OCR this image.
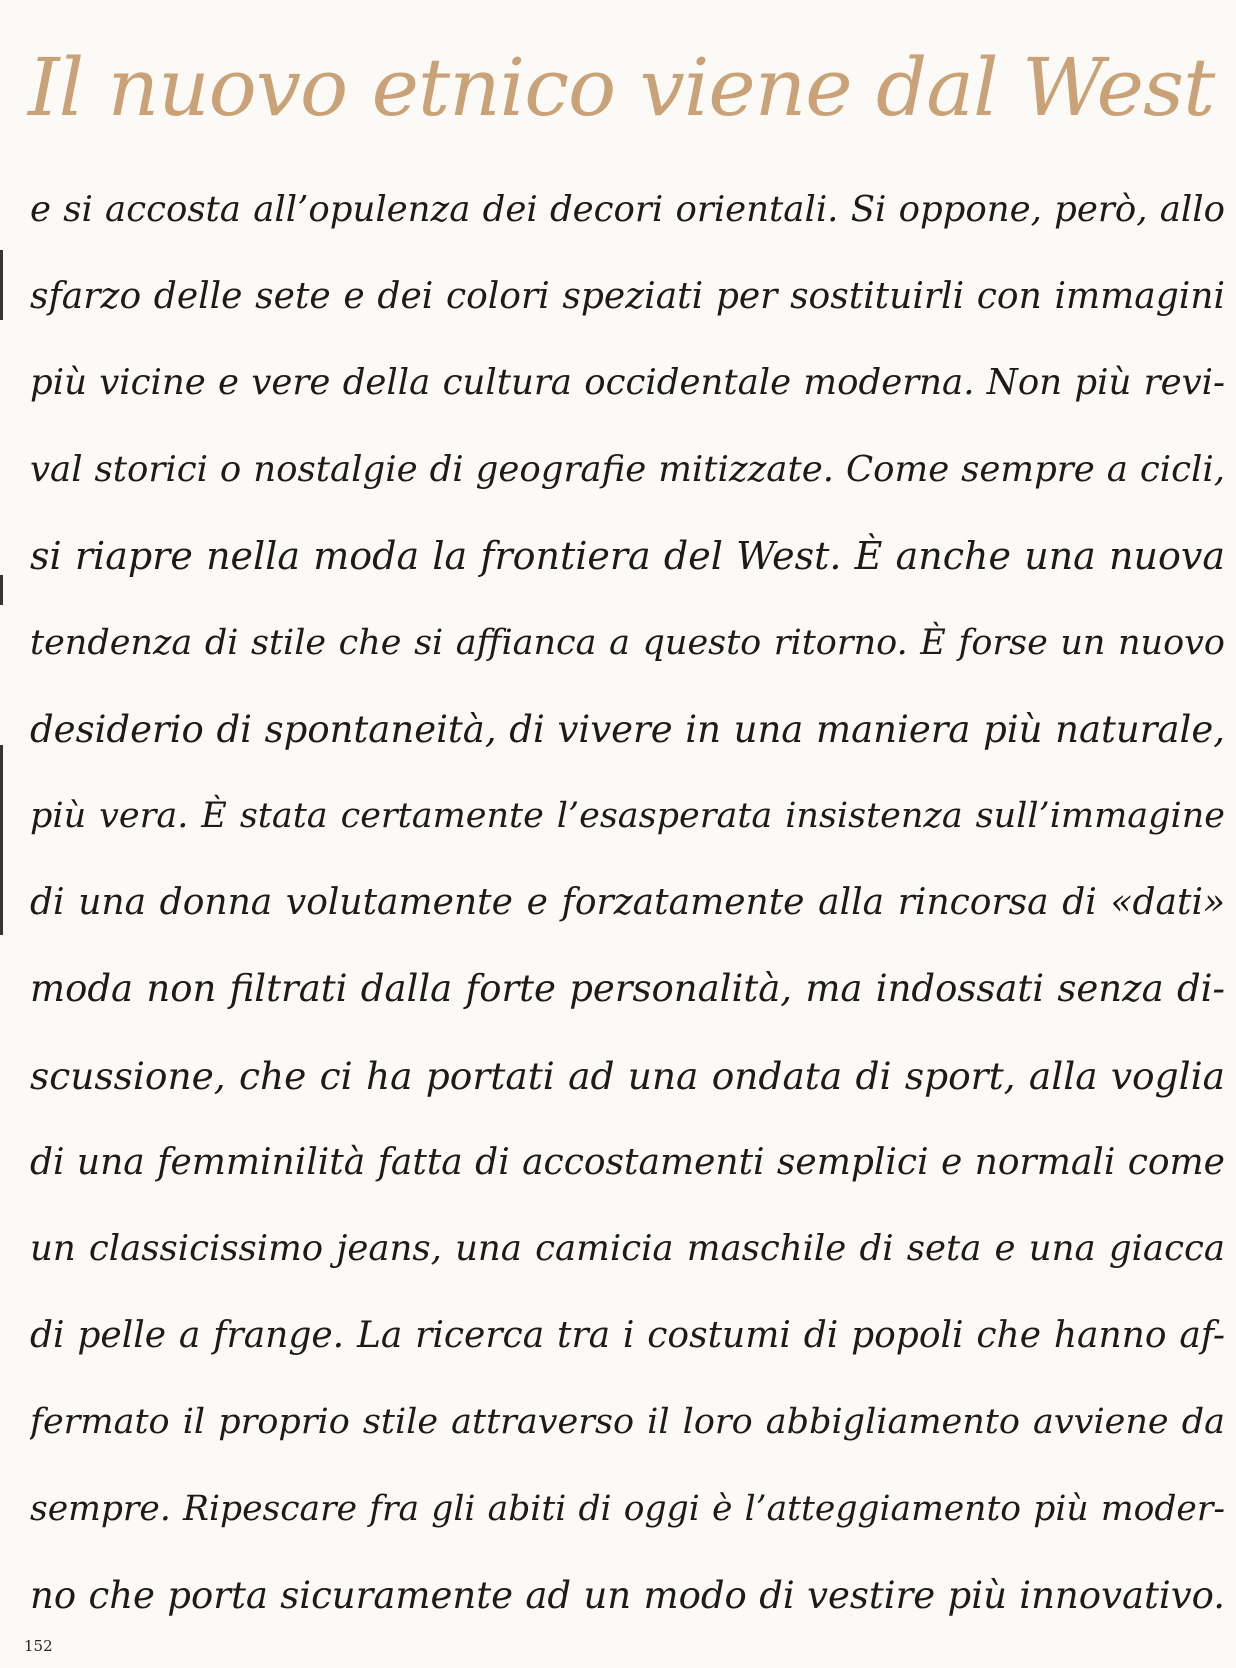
Il nuovo etnico viene dal West
e si accosta all’opulenza dei decori orientali. Si oppone, però, allo
sfarzo delle sete e dei colori speziati per sostituirli con immagini
più vicine e vere della cultura occidentale moderna. Non più revi-
val storici o nostalgie di geografie mitizzate. Come sempre a cicli,
si riapre nella moda la frontiera del West. È anche una nuova
tendenza di stile che si affianca a questo ritorno. È forse un nuovo
desiderio di spontaneità, di vivere in una maniera più naturale,
più vera. È stata certamente l’esasperata insistenza sull’immagine
di una donna volutamente e forzatamente alla rincorsa di «dati»
moda non filtrati dalla forte personalità, ma indossati senza di-
scussione, che ci ha portati ad una ondata di sport, alla voglia
di una femminilità fatta di accostamenti semplici e normali come
un classicissimo jeans, una camicia maschile di seta e una giacca
di pelle a frange. La ricerca tra i costumi di popoli che hanno af-
fermato il proprio stile attraverso il loro abbigliamento avviene da
sempre. Ripescare fra gli abiti di oggi è l’atteggiamento più moder-
no che porta sicuramente ad un modo di vestire più innovativo.
152
